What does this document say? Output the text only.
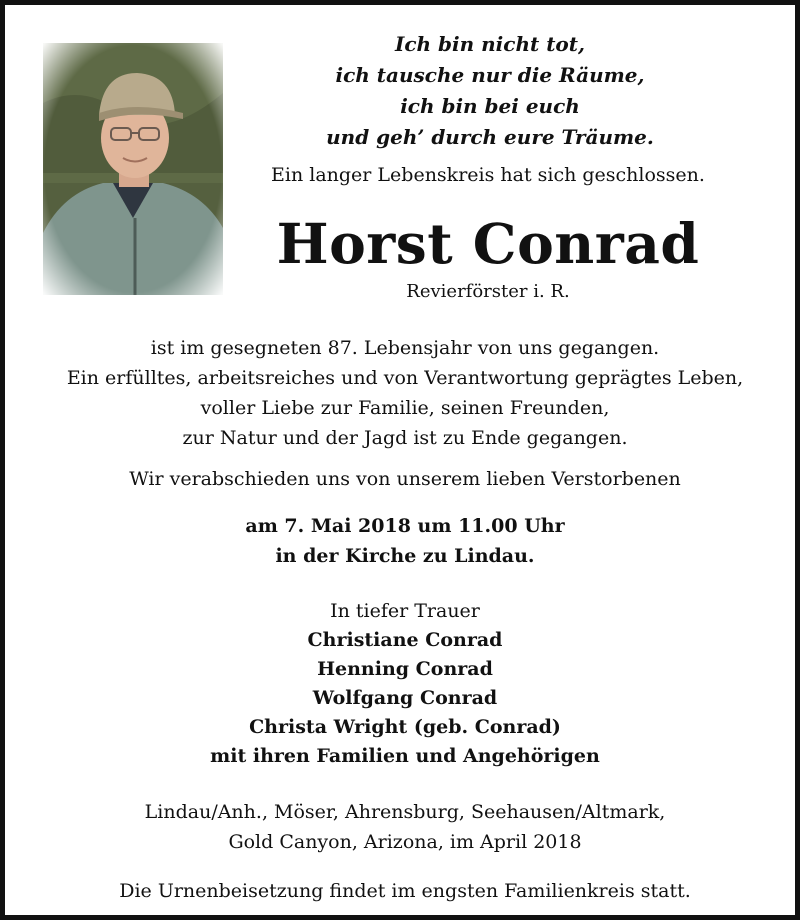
Ich bin nicht tot,
ich tausche nur die Räume,
ich bin bei euch
und geh’ durch eure Träume.
Ein langer Lebenskreis hat sich geschlossen.
Horst Conrad
Revierförster i. R.
ist im gesegneten 87. Lebensjahr von uns gegangen.
Ein erfülltes, arbeitsreiches und von Verantwortung geprägtes Leben,
voller Liebe zur Familie, seinen Freunden,
zur Natur und der Jagd ist zu Ende gegangen.
Wir verabschieden uns von unserem lieben Verstorbenen
am 7. Mai 2018 um 11.00 Uhr
in der Kirche zu Lindau.
In tiefer Trauer
Christiane Conrad
Henning Conrad
Wolfgang Conrad
Christa Wright (geb. Conrad)
mit ihren Familien und Angehörigen
Lindau/Anh., Möser, Ahrensburg, Seehausen/Altmark,
Gold Canyon, Arizona, im April 2018
Die Urnenbeisetzung findet im engsten Familienkreis statt.
